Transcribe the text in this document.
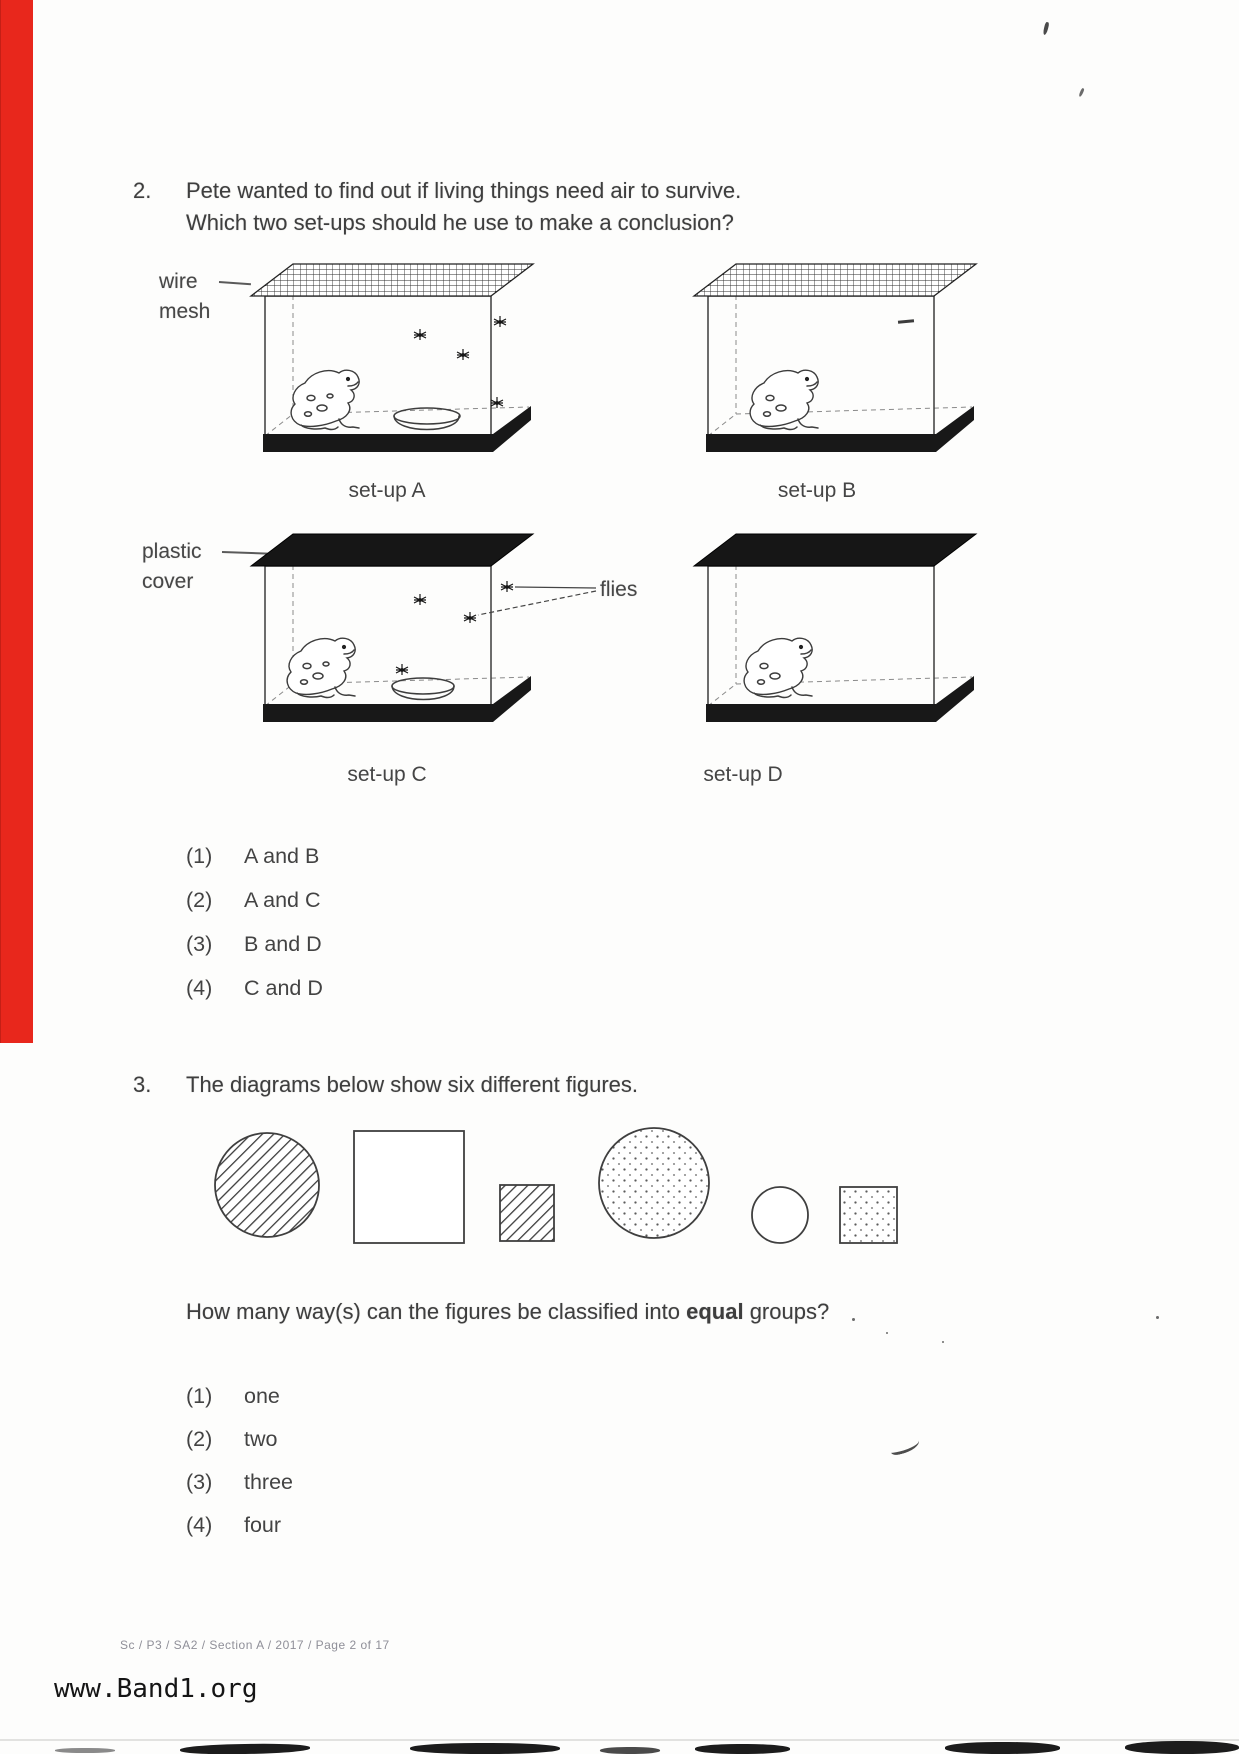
2. Pete wanted to find out if living things need air to survive.
Which two set-ups should he use to make a conclusion?
wire
mesh
set-up A	set-up B
plastic
cover	flies
set-up C	set-up D
(1)	A and B
(2)	A and C
(3)	B and D
(4)	C and D
3. The diagrams below show six different figures.
How many way(s) can the figures be classified into equal groups?
(1)	one
(2)	two
(3)	three
(4)	four
Sc / P3 / SA2 / Section A / 2017 / Page 2 of 17
www.Band1.org
